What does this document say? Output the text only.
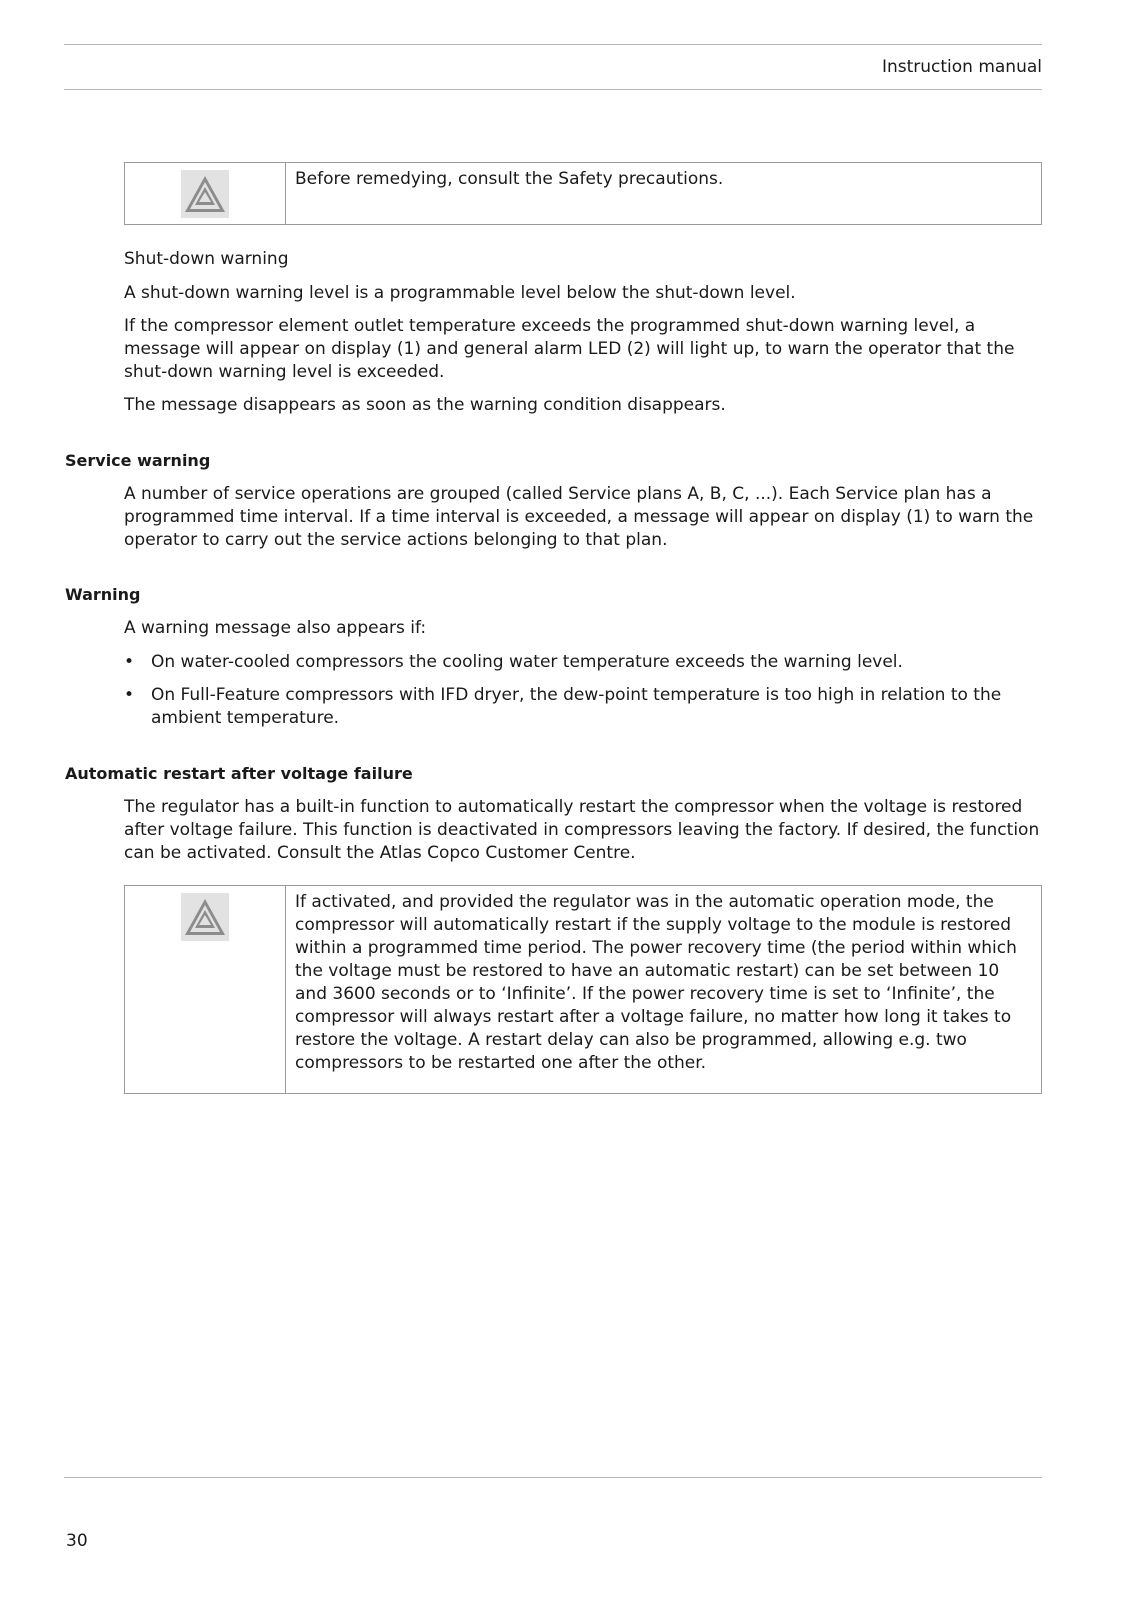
Instruction manual
Before remedying, consult the Safety precautions.

Shut-down warning

A shut-down warning level is a programmable level below the shut-down level.

If the compressor element outlet temperature exceeds the programmed shut-down warning level, a message will appear on display (1) and general alarm LED (2) will light up, to warn the operator that the shut-down warning level is exceeded.

The message disappears as soon as the warning condition disappears.

Service warning

A number of service operations are grouped (called Service plans A, B, C, ...). Each Service plan has a programmed time interval. If a time interval is exceeded, a message will appear on display (1) to warn the operator to carry out the service actions belonging to that plan.

Warning

A warning message also appears if:

• On water-cooled compressors the cooling water temperature exceeds the warning level.
• On Full-Feature compressors with IFD dryer, the dew-point temperature is too high in relation to the ambient temperature.
Automatic restart after voltage failure

The regulator has a built-in function to automatically restart the compressor when the voltage is restored after voltage failure. This function is deactivated in compressors leaving the factory. If desired, the function can be activated. Consult the Atlas Copco Customer Centre.

If activated, and provided the regulator was in the automatic operation mode, the compressor will automatically restart if the supply voltage to the module is restored within a programmed time period. The power recovery time (the period within which the voltage must be restored to have an automatic restart) can be set between 10 and 3600 seconds or to ‘Infinite’. If the power recovery time is set to ‘Infinite’, the compressor will always restart after a voltage failure, no matter how long it takes to restore the voltage. A restart delay can also be programmed, allowing e.g. two compressors to be restarted one after the other.
30
